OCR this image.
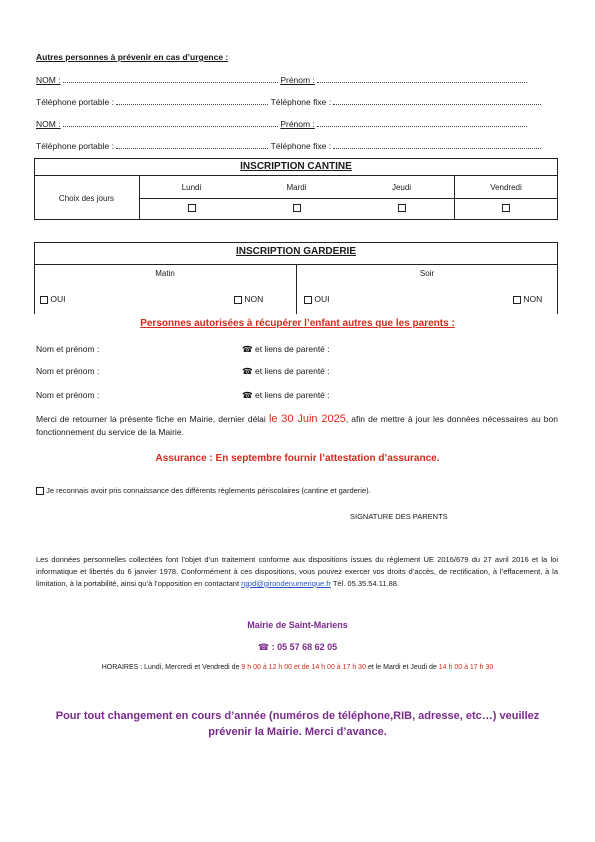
Autres personnes à prévenir en cas d’urgence :
NOM :	Prénom :
Téléphone portable :	Téléphone fixe :
NOM :	Prénom :
Téléphone portable :	Téléphone fixe :
INSCRIPTION CANTINE
Choix des jours
Lundi	Mardi	Jeudi	Vendredi
INSCRIPTION GARDERIE
Matin	Soir
OUI	NON	OUI	NON
Personnes autorisées à récupérer l’enfant autres que les parents :
Nom et prénom :	☎ et liens de parenté :
Nom et prénom :	☎ et liens de parenté :
Nom et prénom :	☎ et liens de parenté :
Merci de retourner la présente fiche en Mairie, dernier délai le 30 Juin 2025, afin de mettre à jour les données nécessaires au bon fonctionnement du service de la Mairie.
Assurance : En septembre fournir l’attestation d’assurance.
Je reconnais avoir pris connaissance des différents règlements périscolaires (cantine et garderie).
SIGNATURE DES PARENTS
Les données personnelles collectées font l’objet d’un traitement conforme aux dispositions issues du règlement UE 2016/679 du 27 avril 2016 et la loi informatique et libertés du 6 janvier 1978. Conformément à ces dispositions, vous pouvez exercer vos droits d’accès, de rectification, à l’effacement, à la limitation, à la portabilité, ainsi qu’à l’opposition en contactant rgpd@girondenumerique.fr Tél. 05.35.54.11.88.
Mairie de Saint-Mariens
☎ : 05 57 68 62 05
HORAIRES : Lundi, Mercredi et Vendredi de 9 h 00 à 12 h 00 et de 14 h 00 à 17 h 30 et le Mardi et Jeudi de 14 h 00 à 17 h 30
Pour tout changement en cours d’année (numéros de téléphone,RIB, adresse, etc…) veuillez prévenir la Mairie. Merci d’avance.
